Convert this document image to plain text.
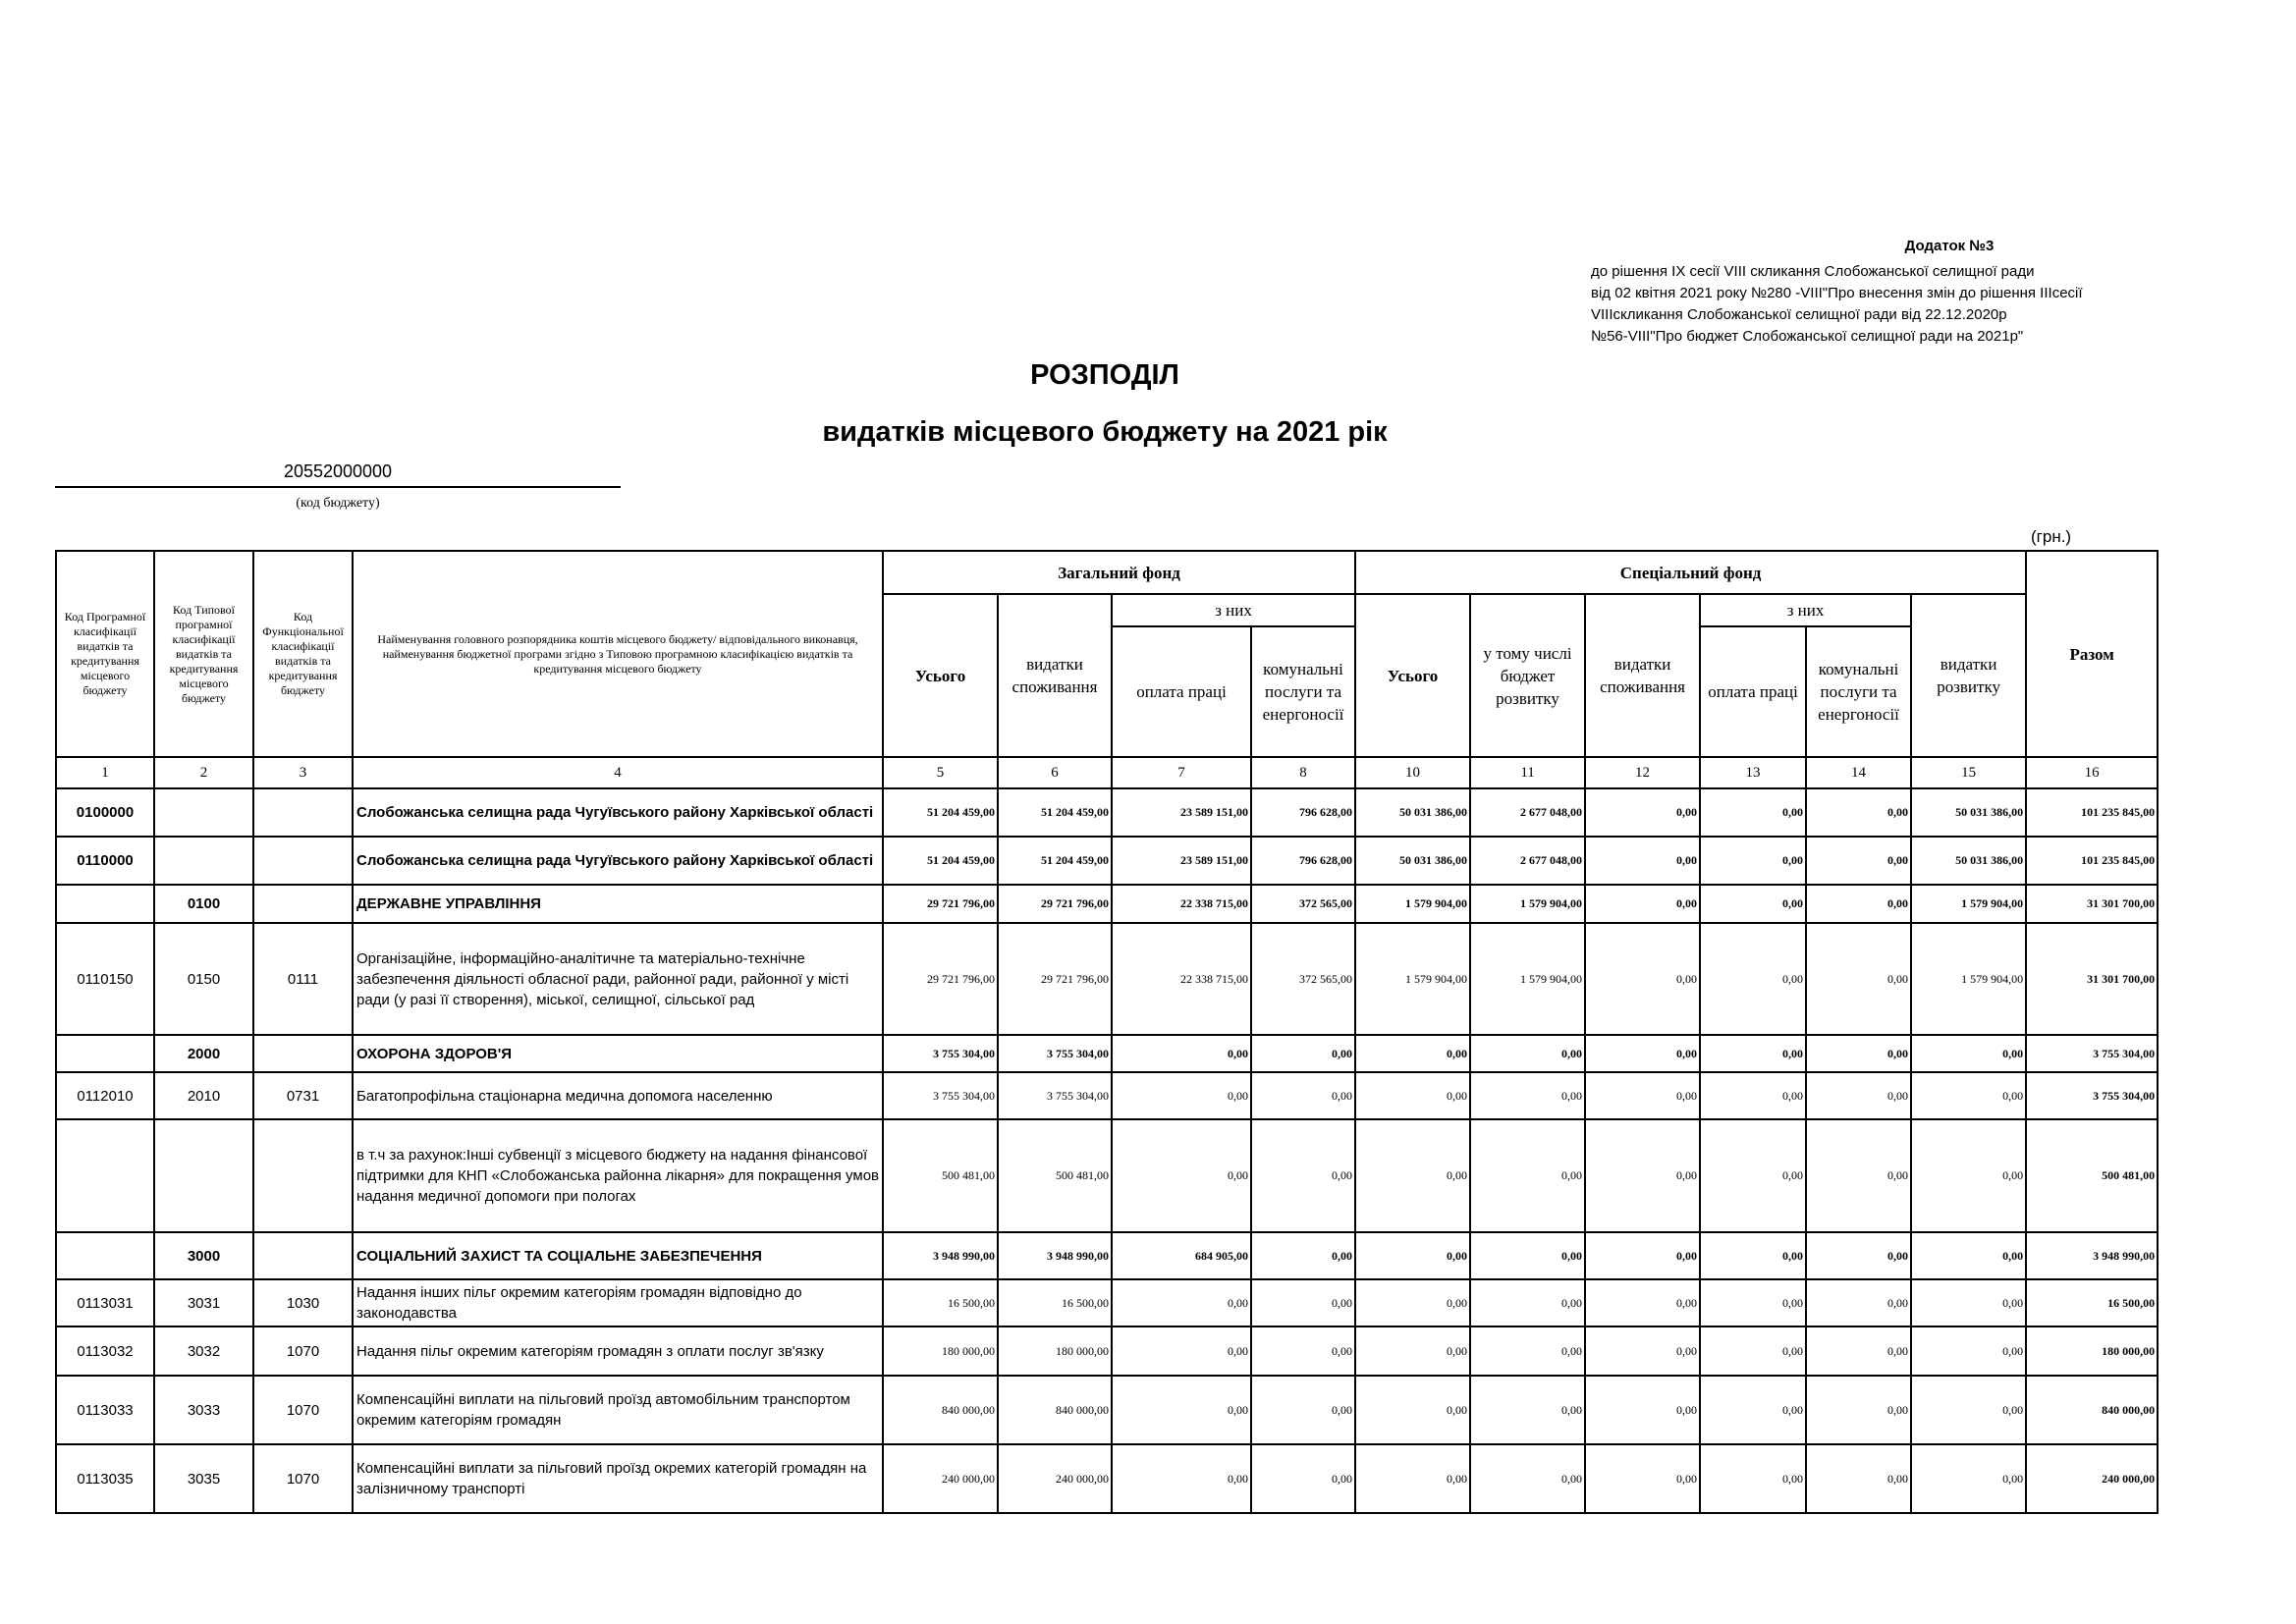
Додаток №3
до рішення ІХ сесії VIII скликання Слобожанської селищної ради
від 02 квітня 2021 року №280 -VIII"Про внесення змін до рішення ІІІсесії
VIIIскликання Слобожанської селищної ради від 22.12.2020р
№56-VIII"Про бюджет Слобожанської селищної ради на 2021р"
РОЗПОДІЛ
видатків місцевого бюджету на 2021 рік
20552000000
(код бюджету)
(грн.)
Код Програмної класифікації видатків та кредитування місцевого бюджету	Код Типової програмної класифікації видатків та кредитування місцевого бюджету	Код Функціональної класифікації видатків та кредитування бюджету	Найменування головного розпорядника коштів місцевого бюджету/ відповідального виконавця, найменування бюджетної програми згідно з Типовою програмною класифікацією видатків та кредитування місцевого бюджету	Загальний фонд				Спеціальний фонд						Разом
				Усього	видатки споживання	з них		Усього	у тому числі бюджет розвитку	видатки споживання	з них		видатки розвитку	
						оплата праці	комунальні послуги та енергоносії				оплата праці	комунальні послуги та енергоносії		
1	2	3	4	5	6	7	8	10	11	12	13	14	15	16
0100000			Слобожанська селищна рада Чугуївського району Харківської області	51 204 459,00	51 204 459,00	23 589 151,00	796 628,00	50 031 386,00	2 677 048,00	0,00	0,00	0,00	50 031 386,00	101 235 845,00
0110000			Слобожанська селищна рада Чугуївського району Харківської області	51 204 459,00	51 204 459,00	23 589 151,00	796 628,00	50 031 386,00	2 677 048,00	0,00	0,00	0,00	50 031 386,00	101 235 845,00
	0100		ДЕРЖАВНЕ УПРАВЛІННЯ	29 721 796,00	29 721 796,00	22 338 715,00	372 565,00	1 579 904,00	1 579 904,00	0,00	0,00	0,00	1 579 904,00	31 301 700,00
0110150	0150	0111	Організаційне, інформаційно-аналітичне та матеріально-технічне забезпечення діяльності обласної ради, районної ради, районної у місті ради (у разі її створення), міської, селищної, сільської рад	29 721 796,00	29 721 796,00	22 338 715,00	372 565,00	1 579 904,00	1 579 904,00	0,00	0,00	0,00	1 579 904,00	31 301 700,00
	2000		ОХОРОНА ЗДОРОВ'Я	3 755 304,00	3 755 304,00	0,00	0,00	0,00	0,00	0,00	0,00	0,00	0,00	3 755 304,00
0112010	2010	0731	Багатопрофільна стаціонарна медична допомога населенню	3 755 304,00	3 755 304,00	0,00	0,00	0,00	0,00	0,00	0,00	0,00	0,00	3 755 304,00
			в т.ч за рахунок:Інші субвенції з місцевого бюджету на надання фінансової підтримки для КНП «Слобожанська районна лікарня» для покращення умов надання медичної допомоги при пологах	500 481,00	500 481,00	0,00	0,00	0,00	0,00	0,00	0,00	0,00	0,00	500 481,00
	3000		СОЦІАЛЬНИЙ ЗАХИСТ ТА СОЦІАЛЬНЕ ЗАБЕЗПЕЧЕННЯ	3 948 990,00	3 948 990,00	684 905,00	0,00	0,00	0,00	0,00	0,00	0,00	0,00	3 948 990,00
0113031	3031	1030	Надання інших пільг окремим категоріям громадян відповідно до законодавства	16 500,00	16 500,00	0,00	0,00	0,00	0,00	0,00	0,00	0,00	0,00	16 500,00
0113032	3032	1070	Надання пільг окремим категоріям громадян з оплати послуг зв'язку	180 000,00	180 000,00	0,00	0,00	0,00	0,00	0,00	0,00	0,00	0,00	180 000,00
0113033	3033	1070	Компенсаційні виплати на пільговий проїзд автомобільним транспортом окремим категоріям громадян	840 000,00	840 000,00	0,00	0,00	0,00	0,00	0,00	0,00	0,00	0,00	840 000,00
0113035	3035	1070	Компенсаційні виплати за пільговий проїзд окремих категорій громадян на залізничному транспорті	240 000,00	240 000,00	0,00	0,00	0,00	0,00	0,00	0,00	0,00	0,00	240 000,00
